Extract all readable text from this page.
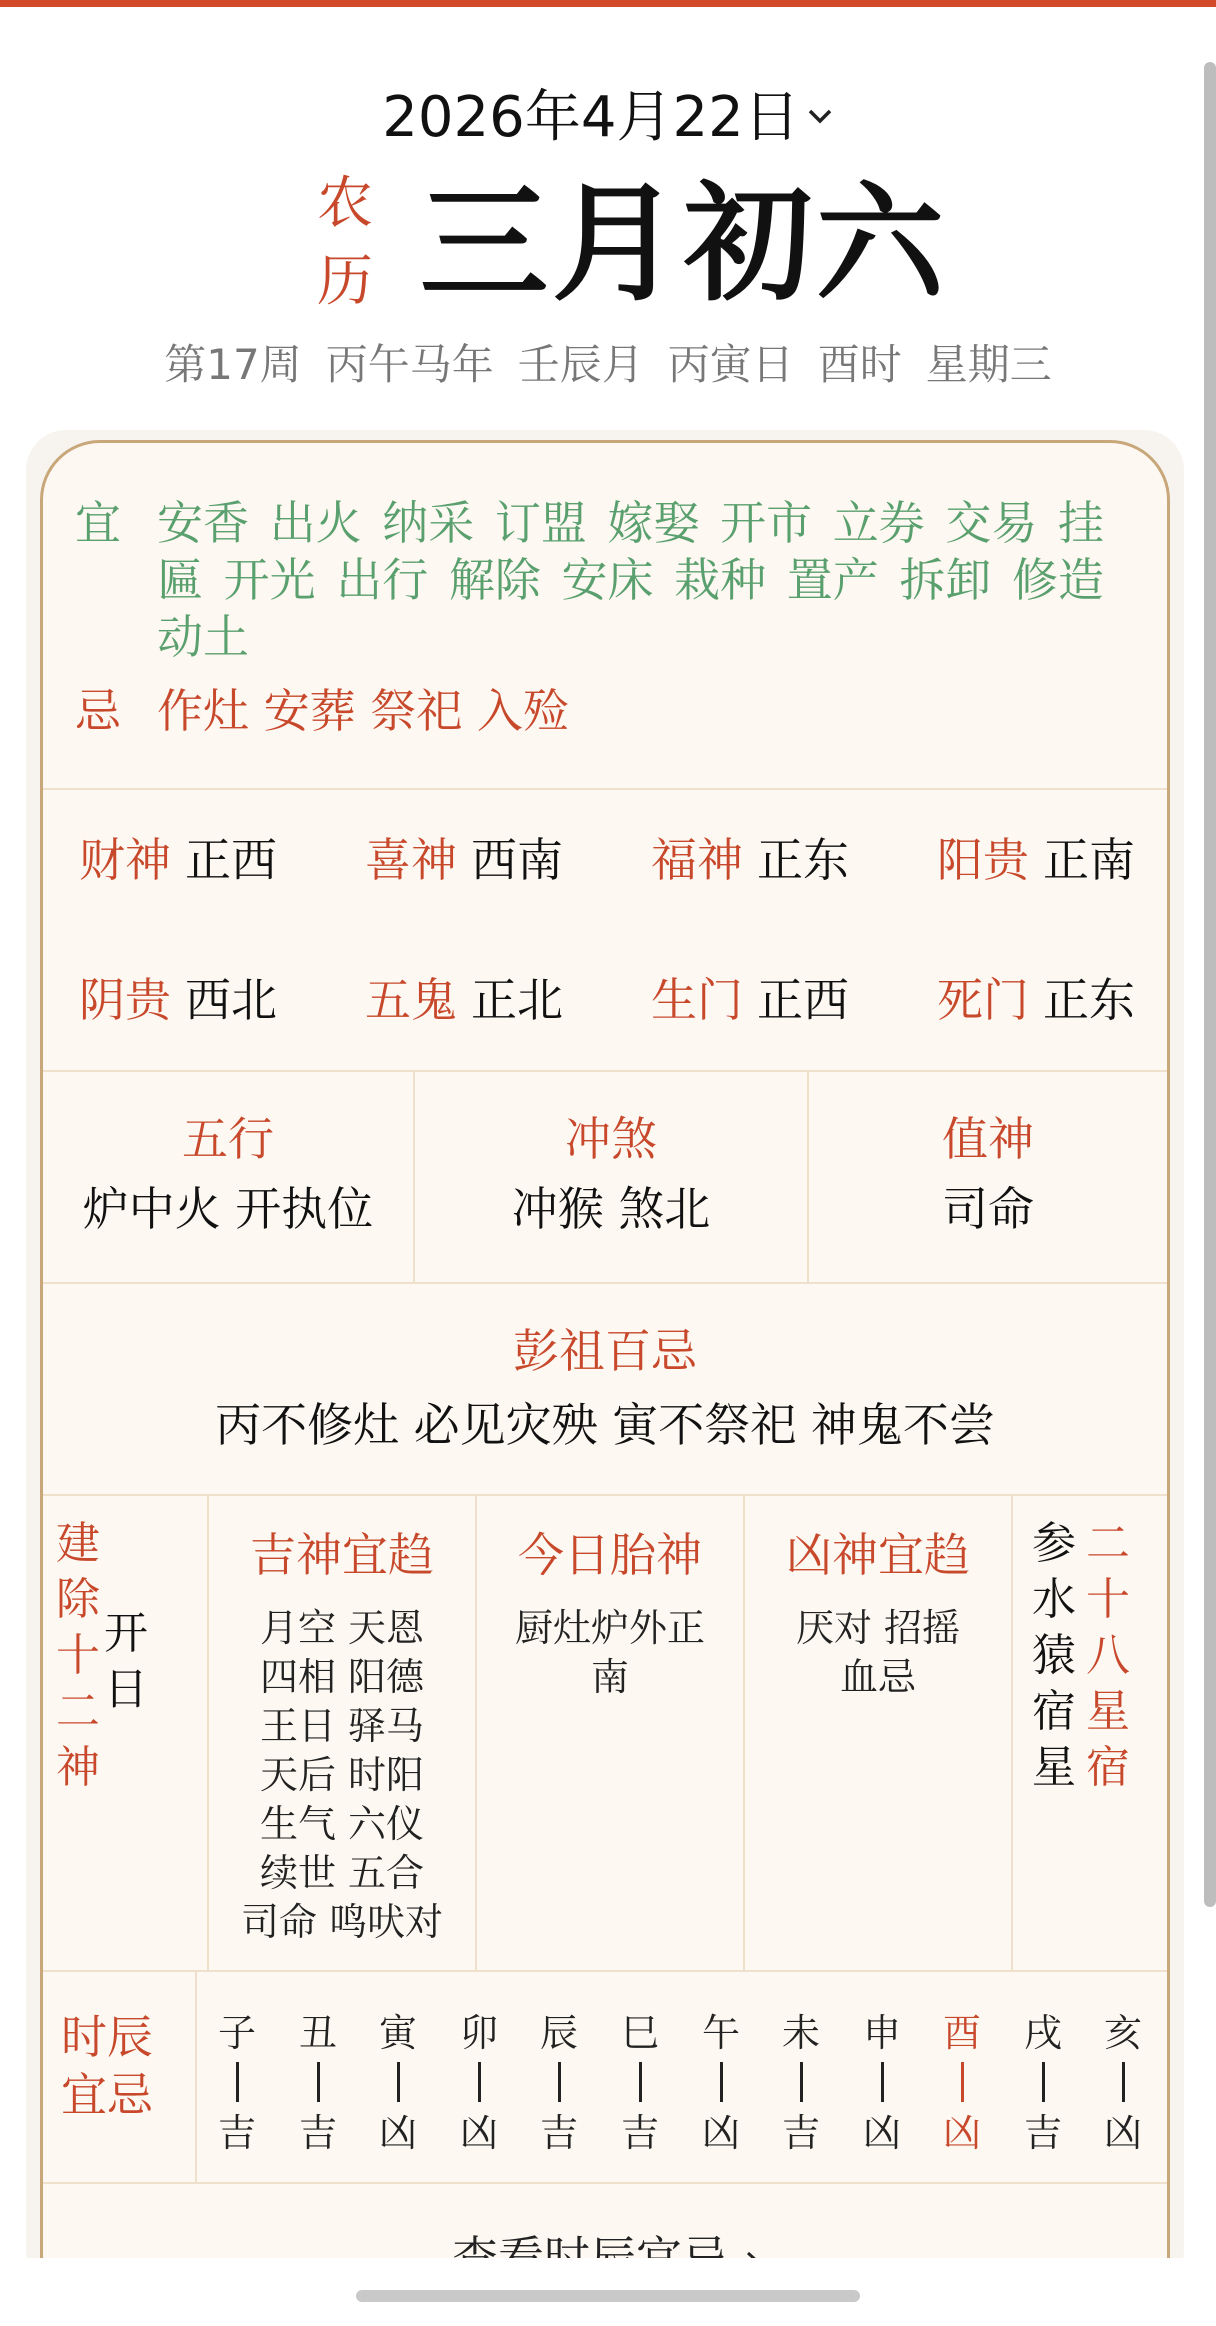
2026年4月22日
农
历 三月初六
第17周 丙午马年 壬辰月 丙寅日 酉时 星期三
宜 安香 出火 纳采 订盟 嫁娶 开市 立券 交易 挂匾 开光 出行 解除 安床 栽种 置产 拆卸 修造 动土
忌 作灶 安葬 祭祀 入殓
财神 正西 喜神 西南 福神 正东 阳贵 正南
阴贵 西北 五鬼 正北 生门 正西 死门 正东
五行
炉中火 开执位
冲煞
冲猴 煞北
值神
司命
彭祖百忌
丙不修灶 必见灾殃 寅不祭祀 神鬼不尝
建除十二神
开日
吉神宜趋
月空 天恩
四相 阳德
王日 驿马
天后 时阳
生气 六仪
续世 五合
司命 鸣吠对
今日胎神
厨灶炉外正
南
凶神宜趋
厌对 招摇
血忌
参水猿宿星
二十八星宿
时辰
宜忌
子
吉
丑
吉
寅
凶
卯
凶
辰
吉
巳
吉
午
凶
未
吉
申
凶
酉
凶
戌
吉
亥
凶
